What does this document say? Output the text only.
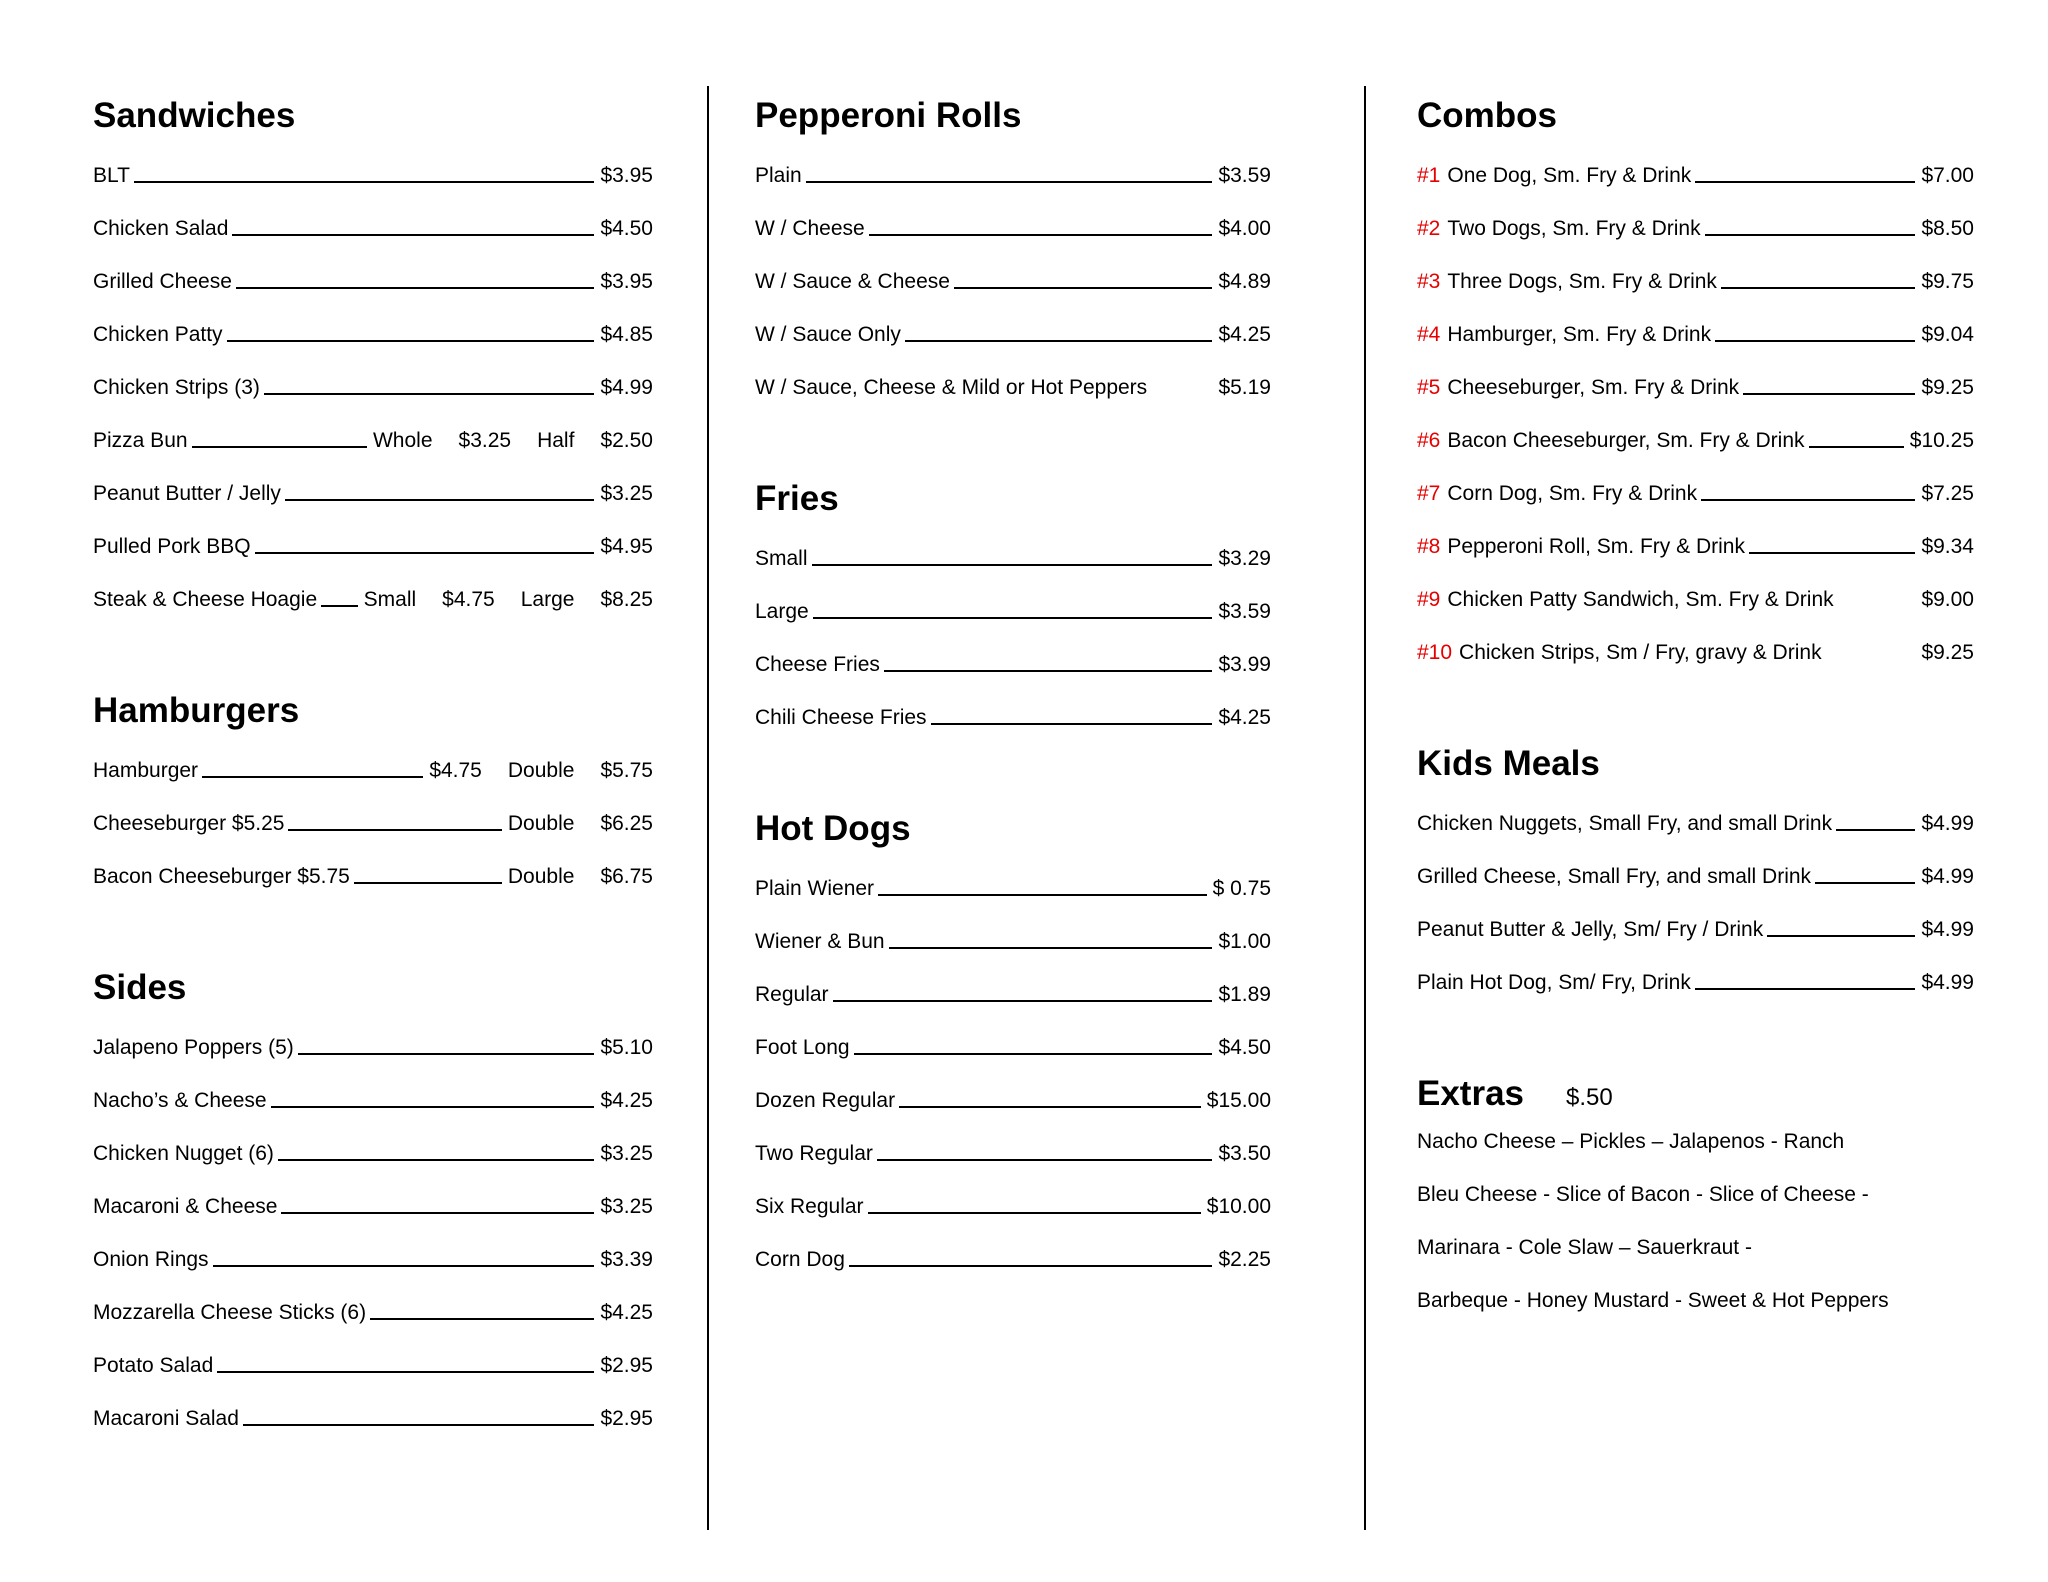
Sandwiches
BLT	$3.95
Chicken Salad	$4.50
Grilled Cheese	$3.95
Chicken Patty	$4.85
Chicken Strips (3)	$4.99
Pizza Bun	Whole $3.25 Half $2.50
Peanut Butter / Jelly	$3.25
Pulled Pork BBQ	$4.95
Steak & Cheese Hoagie Small $4.75 Large $8.25
Hamburgers
Hamburger	$4.75 Double $5.75
Cheeseburger $5.25	Double $6.25
Bacon Cheeseburger $5.75	Double $6.75
Sides
Jalapeno Poppers (5)	$5.10
Nacho’s & Cheese	$4.25
Chicken Nugget (6)	$3.25
Macaroni & Cheese	$3.25
Onion Rings	$3.39
Mozzarella Cheese Sticks (6)	$4.25
Potato Salad	$2.95
Macaroni Salad	$2.95
Pepperoni Rolls
Plain	$3.59
W / Cheese	$4.00
W / Sauce & Cheese	$4.89
W / Sauce Only	$4.25
W / Sauce, Cheese & Mild or Hot Peppers	$5.19
Fries
Small	$3.29
Large	$3.59
Cheese Fries	$3.99
Chili Cheese Fries	$4.25
Hot Dogs
Plain Wiener	$ 0.75
Wiener & Bun	$1.00
Regular	$1.89
Foot Long	$4.50
Dozen Regular	$15.00
Two Regular	$3.50
Six Regular	$10.00
Corn Dog	$2.25
Combos
#1 One Dog, Sm. Fry & Drink	$7.00
#2 Two Dogs, Sm. Fry & Drink	$8.50
#3 Three Dogs, Sm. Fry & Drink	$9.75
#4 Hamburger, Sm. Fry & Drink	$9.04
#5 Cheeseburger, Sm. Fry & Drink	$9.25
#6 Bacon Cheeseburger, Sm. Fry & Drink	$10.25
#7 Corn Dog, Sm. Fry & Drink	$7.25
#8 Pepperoni Roll, Sm. Fry & Drink	$9.34
#9 Chicken Patty Sandwich, Sm. Fry & Drink	$9.00
#10 Chicken Strips, Sm / Fry, gravy & Drink	$9.25
Kids Meals
Chicken Nuggets, Small Fry, and small Drink	$4.99
Grilled Cheese, Small Fry, and small Drink	$4.99
Peanut Butter & Jelly, Sm/ Fry / Drink	$4.99
Plain Hot Dog, Sm/ Fry, Drink	$4.99
Extras $.50
Nacho Cheese – Pickles – Jalapenos - Ranch
Bleu Cheese - Slice of Bacon - Slice of Cheese -
Marinara - Cole Slaw – Sauerkraut -
Barbeque - Honey Mustard - Sweet & Hot Peppers
